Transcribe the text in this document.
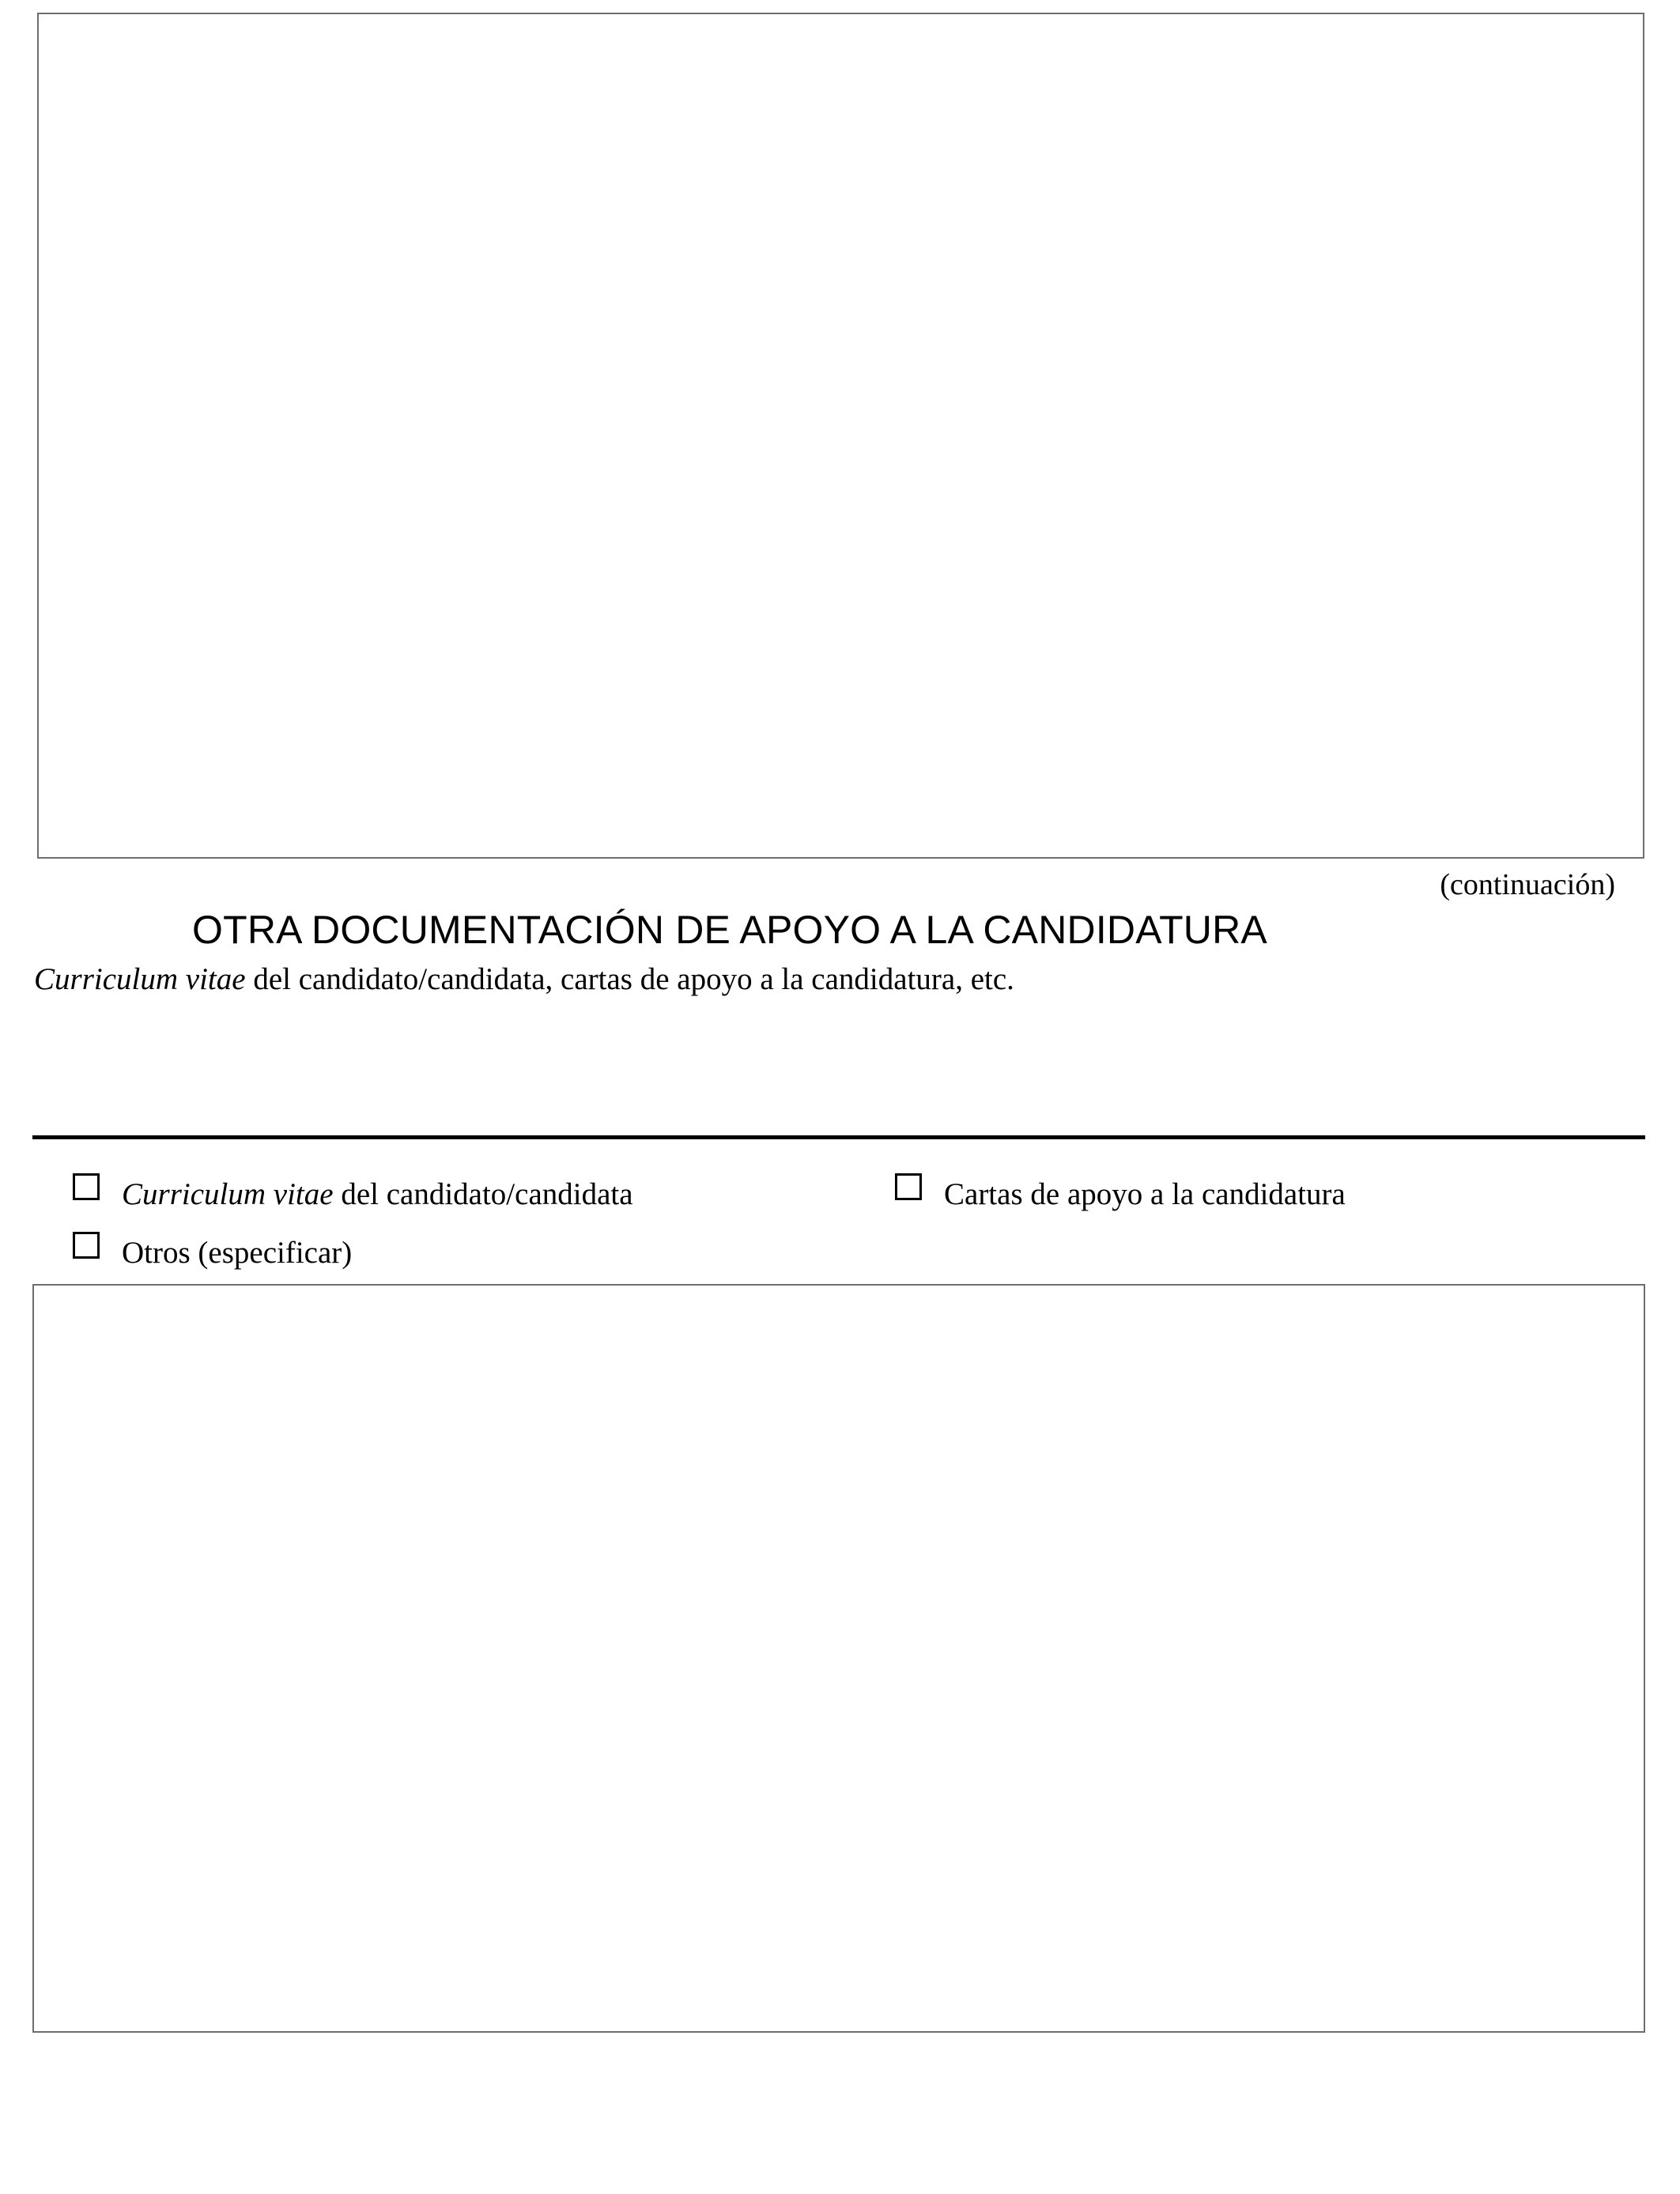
(continuación)
OTRA DOCUMENTACIÓN DE APOYO A LA CANDIDATURA
Curriculum vitae del candidato/candidata, cartas de apoyo a la candidatura, etc.
Curriculum vitae del candidato/candidata	Cartas de apoyo a la candidatura
Otros (especificar)
